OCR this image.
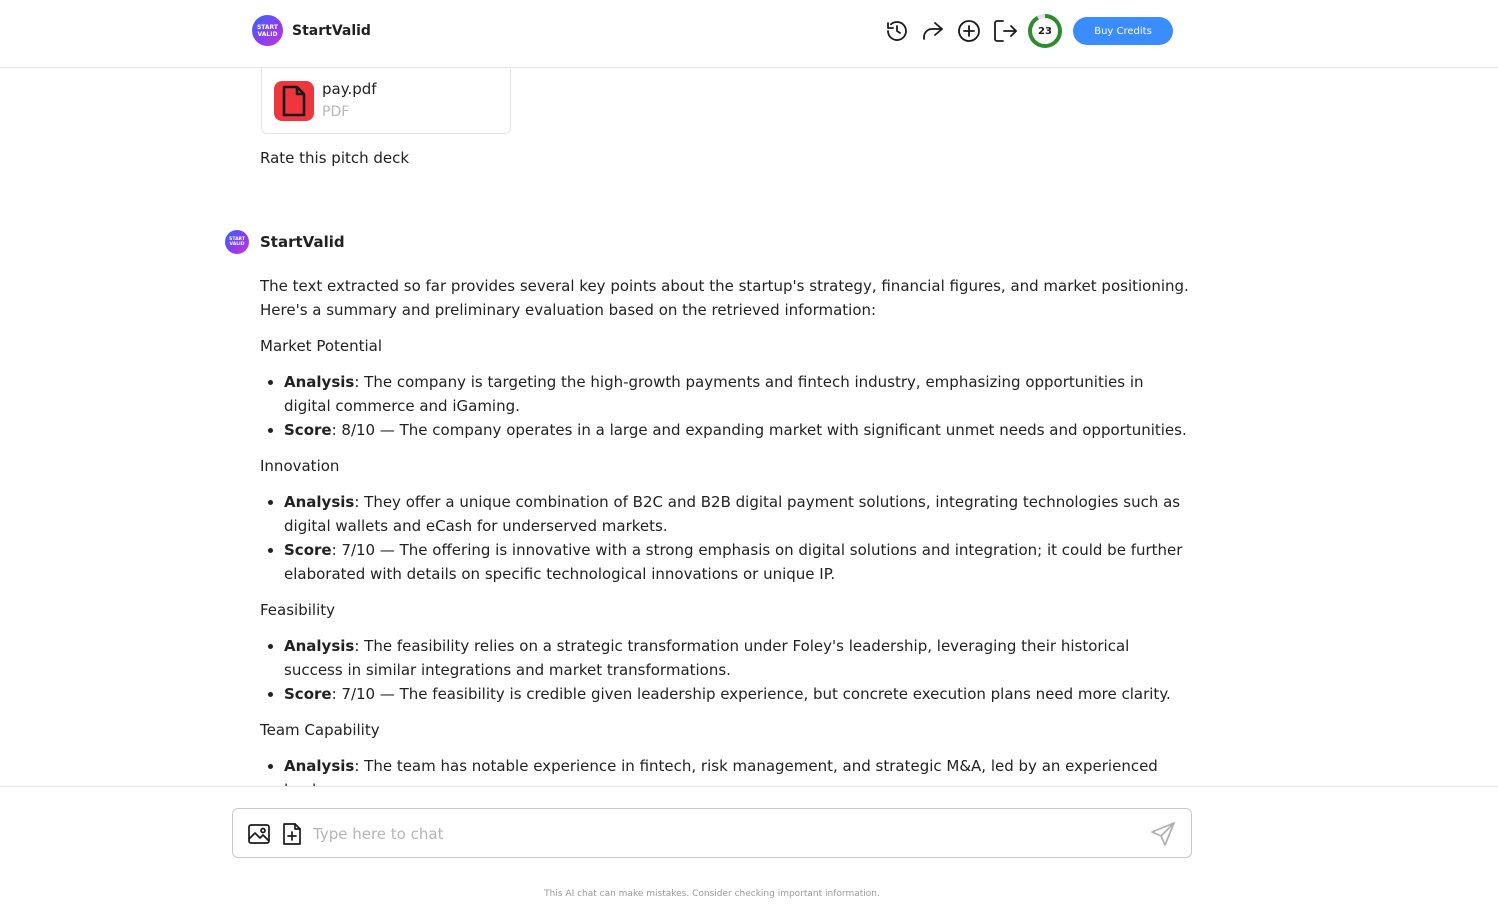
START
VALID StartValid	23	Buy Credits
pay.pdf
PDF
Rate this pitch deck
START
VALID StartValid

The text extracted so far provides several key points about the startup's strategy, financial figures, and market positioning. Here's a summary and preliminary evaluation based on the retrieved information:

Market Potential

• Analysis: The company is targeting the high-growth payments and fintech industry, emphasizing opportunities in digital commerce and iGaming.
• Score: 8/10 — The company operates in a large and expanding market with significant unmet needs and opportunities.

Innovation

• Analysis: They offer a unique combination of B2C and B2B digital payment solutions, integrating technologies such as digital wallets and eCash for underserved markets.
• Score: 7/10 — The offering is innovative with a strong emphasis on digital solutions and integration; it could be further elaborated with details on specific technological innovations or unique IP.

Feasibility

• Analysis: The feasibility relies on a strategic transformation under Foley's leadership, leveraging their historical success in similar integrations and market transformations.
• Score: 7/10 — The feasibility is credible given leadership experience, but concrete execution plans need more clarity.

Team Capability

• Analysis: The team has notable experience in fintech, risk management, and strategic M&A, led by an experienced
Type here to chat
This AI chat can make mistakes. Consider checking important information.
